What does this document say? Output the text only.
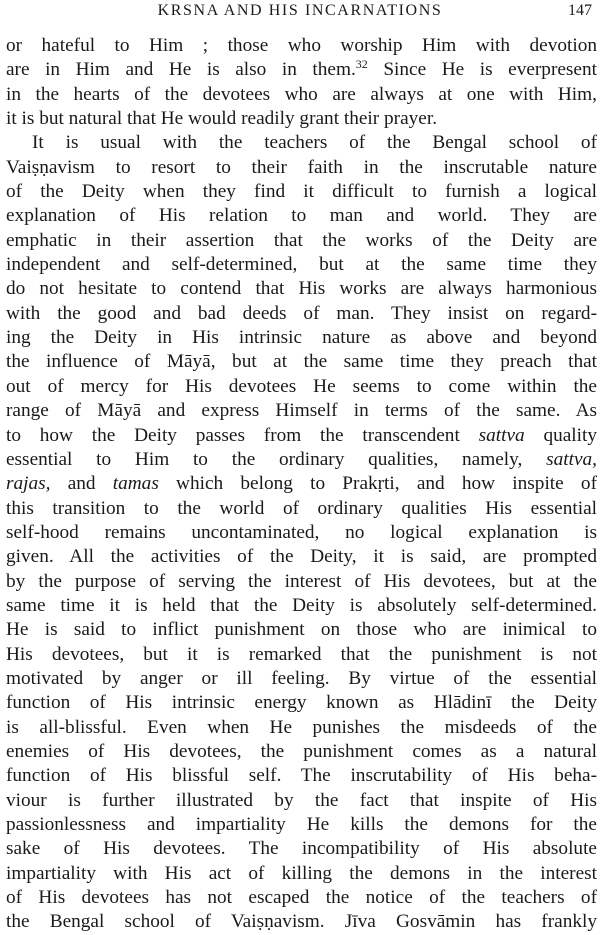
KRSNA AND HIS INCARNATIONS	147
or hateful to Him ; those who worship Him with devotion
are in Him and He is also in them.$^{32}$ Since He is everpresent
in the hearts of the devotees who are always at one with Him,
it is but natural that He would readily grant their prayer.
It is usual with the teachers of the Bengal school of
Vaiṣṇavism to resort to their faith in the inscrutable nature
of the Deity when they find it difficult to furnish a logical
explanation of His relation to man and world. They are
emphatic in their assertion that the works of the Deity are
independent and self-determined, but at the same time they
do not hesitate to contend that His works are always harmonious
with the good and bad deeds of man. They insist on regard-
ing the Deity in His intrinsic nature as above and beyond
the influence of Māyā, but at the same time they preach that
out of mercy for His devotees He seems to come within the
range of Māyā and express Himself in terms of the same. As
to how the Deity passes from the transcendent sattva quality
essential to Him to the ordinary qualities, namely, sattva,
rajas, and tamas which belong to Prakṛti, and how inspite of
this transition to the world of ordinary qualities His essential
self-hood remains uncontaminated, no logical explanation is
given. All the activities of the Deity, it is said, are prompted
by the purpose of serving the interest of His devotees, but at the
same time it is held that the Deity is absolutely self-determined.
He is said to inflict punishment on those who are inimical to
His devotees, but it is remarked that the punishment is not
motivated by anger or ill feeling. By virtue of the essential
function of His intrinsic energy known as Hlādinī the Deity
is all-blissful. Even when He punishes the misdeeds of the
enemies of His devotees, the punishment comes as a natural
function of His blissful self. The inscrutability of His beha-
viour is further illustrated by the fact that inspite of His
passionlessness and impartiality He kills the demons for the
sake of His devotees. The incompatibility of His absolute
impartiality with His act of killing the demons in the interest
of His devotees has not escaped the notice of the teachers of
the Bengal school of Vaiṣṇavism. Jīva Gosvāmin has frankly
